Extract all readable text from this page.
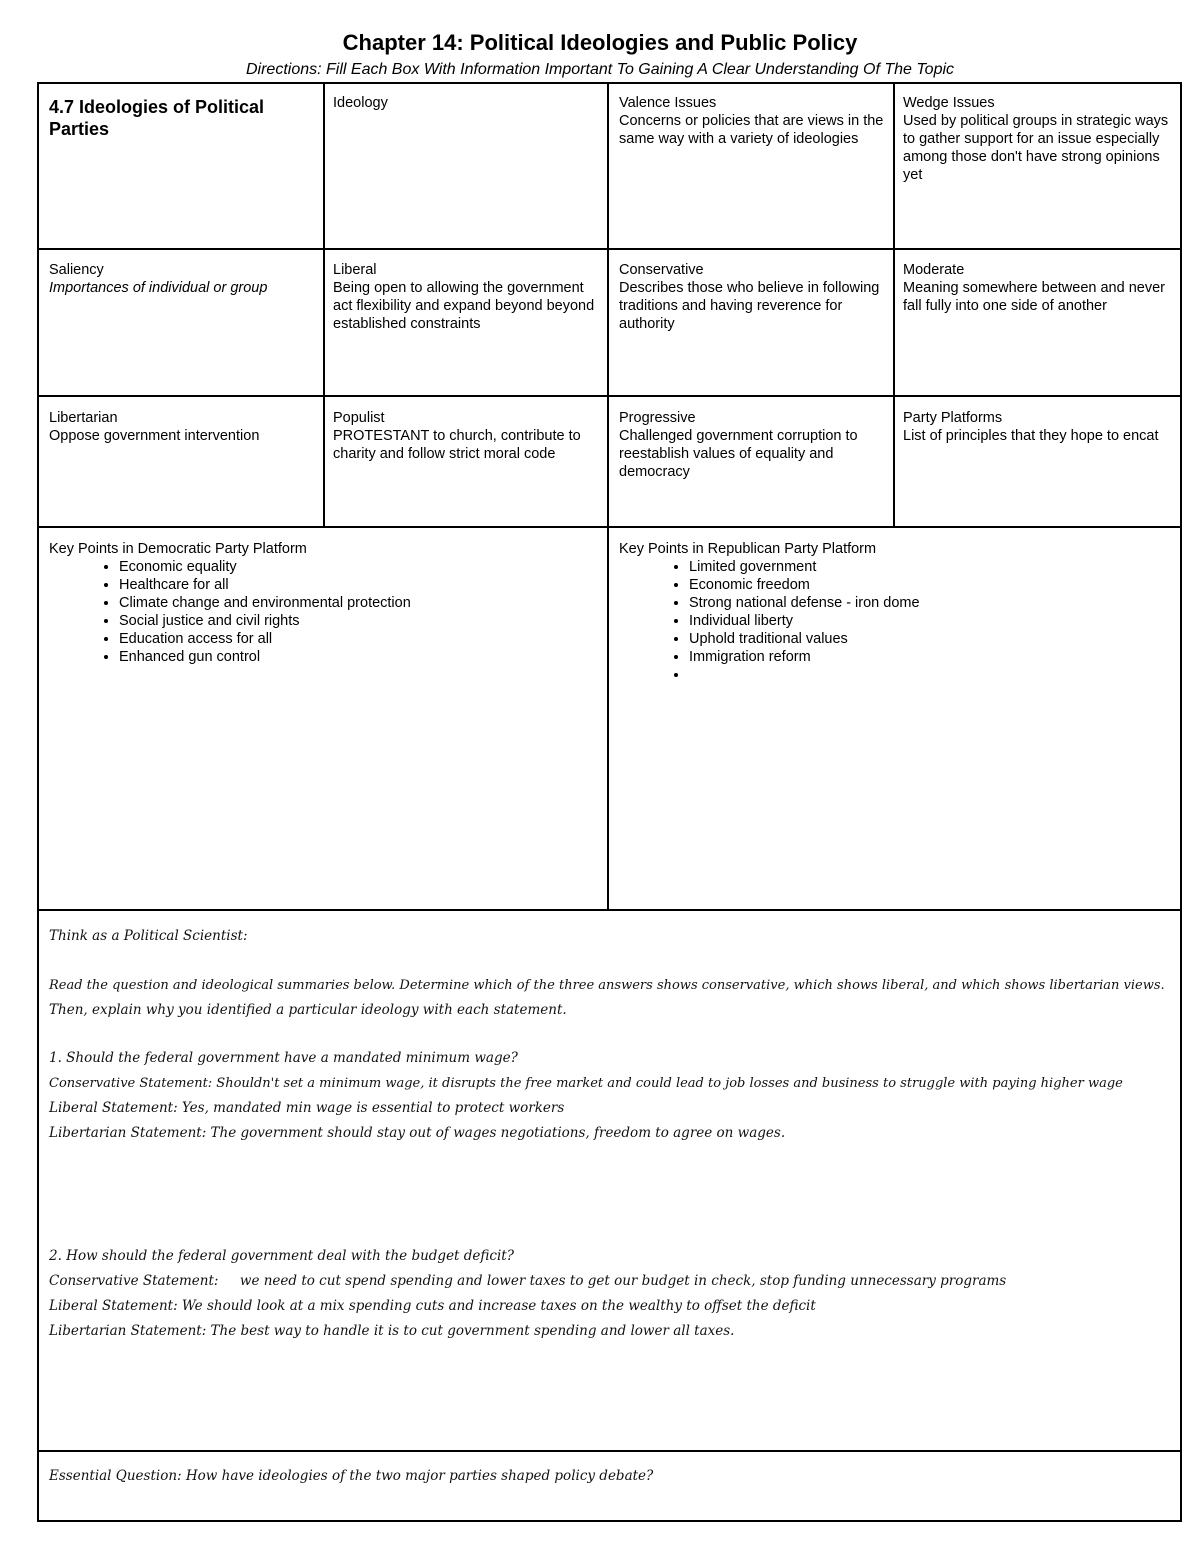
Chapter 14: Political Ideologies and Public Policy
Directions: Fill Each Box With Information Important To Gaining A Clear Understanding Of The Topic
4.7 Ideologies of Political Parties
Ideology	Valence Issues
Concerns or policies that are views in the same way with a variety of ideologies
Wedge Issues
Used by political groups in strategic ways to gather support for an issue especially among those don't have strong opinions yet
Saliency
Importances of individual or group
Liberal
Being open to allowing the government act flexibility and expand beyond beyond established constraints
Conservative
Describes those who believe in following traditions and having reverence for authority
Moderate
Meaning somewhere between and never fall fully into one side of another
Libertarian
Oppose government intervention
Populist
PROTESTANT to church, contribute to charity and follow strict moral code
Progressive
Challenged government corruption to reestablish values of equality and democracy
Party Platforms
List of principles that they hope to encat
Key Points in Democratic Party Platform
• Economic equality
• Healthcare for all
• Climate change and environmental protection
• Social justice and civil rights
• Education access for all
• Enhanced gun control
Key Points in Republican Party Platform
• Limited government
• Economic freedom
• Strong national defense - iron dome
• Individual liberty
• Uphold traditional values
• Immigration reform
•
Think as a Political Scientist:
Read the question and ideological summaries below. Determine which of the three answers shows conservative, which shows liberal, and which shows libertarian views.
Then, explain why you identified a particular ideology with each statement.
1. Should the federal government have a mandated minimum wage?
Conservative Statement: Shouldn't set a minimum wage, it disrupts the free market and could lead to job losses and business to struggle with paying higher wage
Liberal Statement: Yes, mandated min wage is essential to protect workers
Libertarian Statement: The government should stay out of wages negotiations, freedom to agree on wages.
2. How should the federal government deal with the budget deficit?
Conservative Statement:     we need to cut spend spending and lower taxes to get our budget in check, stop funding unnecessary programs
Liberal Statement: We should look at a mix spending cuts and increase taxes on the wealthy to offset the deficit
Libertarian Statement: The best way to handle it is to cut government spending and lower all taxes.
Essential Question: How have ideologies of the two major parties shaped policy debate?
